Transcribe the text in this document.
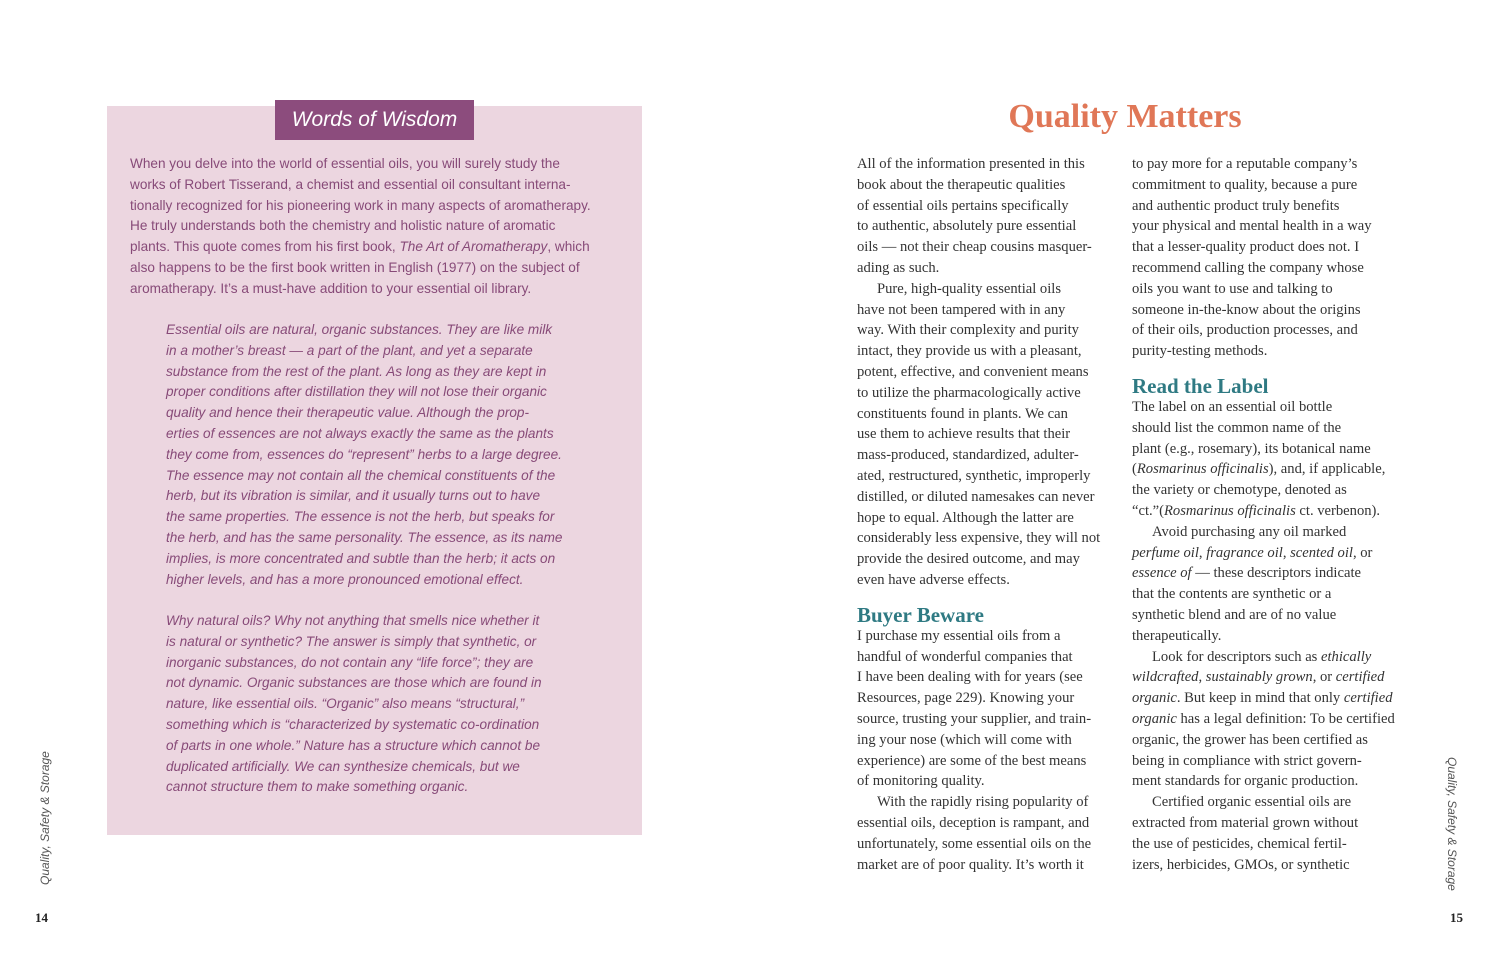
Words of Wisdom
When you delve into the world of essential oils, you will surely study the
works of Robert Tisserand, a chemist and essential oil consultant interna-
tionally recognized for his pioneering work in many aspects of aromatherapy.
He truly understands both the chemistry and holistic nature of aromatic
plants. This quote comes from his first book, The Art of Aromatherapy, which
also happens to be the first book written in English (1977) on the subject of
aromatherapy. It’s a must-have addition to your essential oil library.
Essential oils are natural, organic substances. They are like milk
in a mother’s breast — a part of the plant, and yet a separate
substance from the rest of the plant. As long as they are kept in
proper conditions after distillation they will not lose their organic
quality and hence their therapeutic value. Although the prop-
erties of essences are not always exactly the same as the plants
they come from, essences do “represent” herbs to a large degree.
The essence may not contain all the chemical constituents of the
herb, but its vibration is similar, and it usually turns out to have
the same properties. The essence is not the herb, but speaks for
the herb, and has the same personality. The essence, as its name
implies, is more concentrated and subtle than the herb; it acts on
higher levels, and has a more pronounced emotional effect.
Why natural oils? Why not anything that smells nice whether it
is natural or synthetic? The answer is simply that synthetic, or
inorganic substances, do not contain any “life force”; they are
not dynamic. Organic substances are those which are found in
nature, like essential oils. “Organic” also means “structural,”
something which is “characterized by systematic co-ordination
of parts in one whole.” Nature has a structure which cannot be
duplicated artificially. We can synthesize chemicals, but we
cannot structure them to make something organic.
Quality, Safety & Storage
14
Quality Matters
All of the information presented in this
book about the therapeutic qualities
of essential oils pertains specifically
to authentic, absolutely pure essential
oils — not their cheap cousins masquer-
ading as such.
Pure, high-quality essential oils
have not been tampered with in any
way. With their complexity and purity
intact, they provide us with a pleasant,
potent, effective, and convenient means
to utilize the pharmacologically active
constituents found in plants. We can
use them to achieve results that their
mass-produced, standardized, adulter-
ated, restructured, synthetic, improperly
distilled, or diluted namesakes can never
hope to equal. Although the latter are
considerably less expensive, they will not
provide the desired outcome, and may
even have adverse effects.
Buyer Beware
I purchase my essential oils from a
handful of wonderful companies that
I have been dealing with for years (see
Resources, page 229). Knowing your
source, trusting your supplier, and train-
ing your nose (which will come with
experience) are some of the best means
of monitoring quality.
With the rapidly rising popularity of
essential oils, deception is rampant, and
unfortunately, some essential oils on the
market are of poor quality. It’s worth it
to pay more for a reputable company’s
commitment to quality, because a pure
and authentic product truly benefits
your physical and mental health in a way
that a lesser-quality product does not. I
recommend calling the company whose
oils you want to use and talking to
someone in-the-know about the origins
of their oils, production processes, and
purity-testing methods.
Read the Label
The label on an essential oil bottle
should list the common name of the
plant (e.g., rosemary), its botanical name
(Rosmarinus officinalis), and, if applicable,
the variety or chemotype, denoted as
“ct.”(Rosmarinus officinalis ct. verbenon).
Avoid purchasing any oil marked
perfume oil, fragrance oil, scented oil, or
essence of — these descriptors indicate
that the contents are synthetic or a
synthetic blend and are of no value
therapeutically.
Look for descriptors such as ethically
wildcrafted, sustainably grown, or certified
organic. But keep in mind that only certified
organic has a legal definition: To be certified
organic, the grower has been certified as
being in compliance with strict govern-
ment standards for organic production.
Certified organic essential oils are
extracted from material grown without
the use of pesticides, chemical fertil-
izers, herbicides, GMOs, or synthetic	Quality, Safety & Storage
15
